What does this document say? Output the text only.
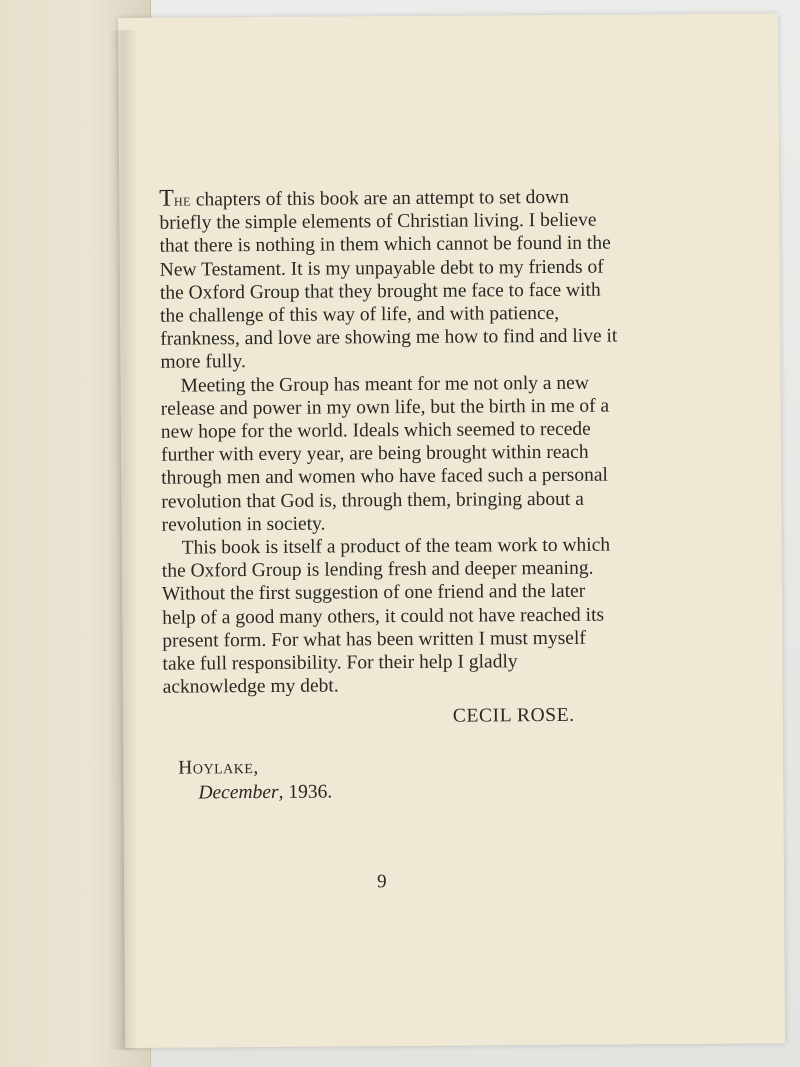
The chapters of this book are an attempt to set down briefly the simple elements of Christian living. I believe that there is nothing in them which cannot be found in the New Testament. It is my unpayable debt to my friends of the Oxford Group that they brought me face to face with the challenge of this way of life, and with patience, frankness, and love are showing me how to find and live it more fully.

Meeting the Group has meant for me not only a new release and power in my own life, but the birth in me of a new hope for the world. Ideals which seemed to recede further with every year, are being brought within reach through men and women who have faced such a personal revolution that God is, through them, bringing about a revolution in society.

This book is itself a product of the team work to which the Oxford Group is lending fresh and deeper meaning. Without the first suggestion of one friend and the later help of a good many others, it could not have reached its present form. For what has been written I must myself take full responsibility. For their help I gladly acknowledge my debt.

CECIL ROSE.
Hoylake,
December, 1936.
9
